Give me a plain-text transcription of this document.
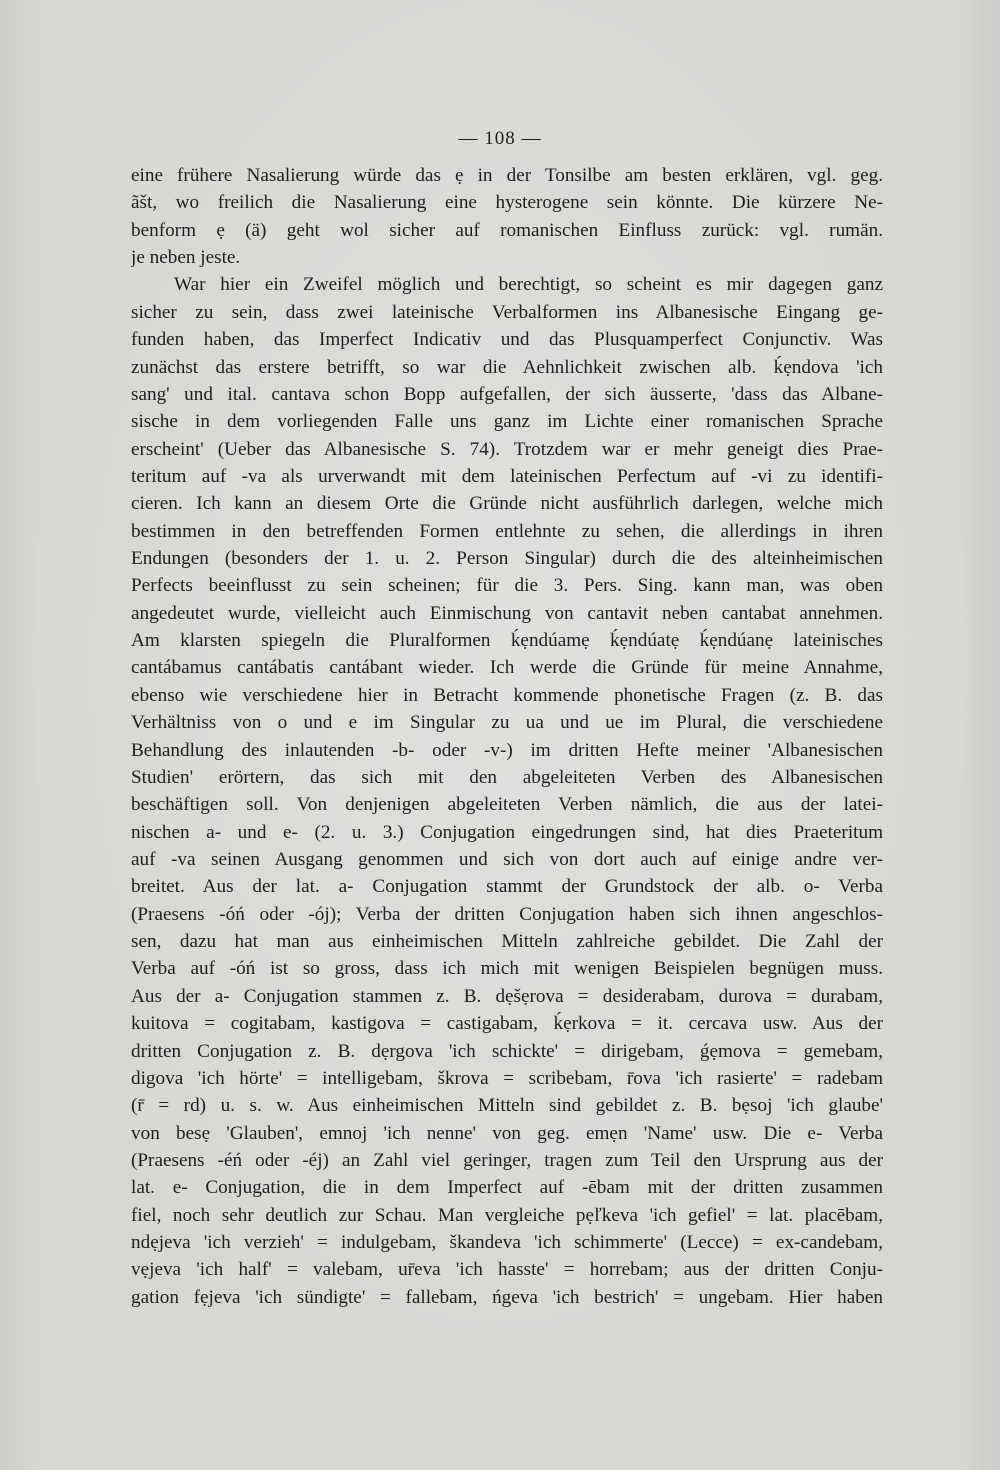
— 108 —
eine frühere Nasalierung würde das ẹ in der Tonsilbe am besten erklären, vgl. geg.
ãšt, wo freilich die Nasalierung eine hysterogene sein könnte. Die kürzere Ne-
benform ẹ (ä) geht wol sicher auf romanischen Einfluss zurück: vgl. rumän.
je neben jeste.
War hier ein Zweifel möglich und berechtigt, so scheint es mir dagegen ganz
sicher zu sein, dass zwei lateinische Verbalformen ins Albanesische Eingang ge-
funden haben, das Imperfect Indicativ und das Plusquamperfect Conjunctiv. Was
zunächst das erstere betrifft, so war die Aehnlichkeit zwischen alb. ḱẹndova 'ich
sang' und ital. cantava schon Bopp aufgefallen, der sich äusserte, 'dass das Albane-
sische in dem vorliegenden Falle uns ganz im Lichte einer romanischen Sprache
erscheint' (Ueber das Albanesische S. 74). Trotzdem war er mehr geneigt dies Prae-
teritum auf -va als urverwandt mit dem lateinischen Perfectum auf -vi zu identifi-
cieren. Ich kann an diesem Orte die Gründe nicht ausführlich darlegen, welche mich
bestimmen in den betreffenden Formen entlehnte zu sehen, die allerdings in ihren
Endungen (besonders der 1. u. 2. Person Singular) durch die des alteinheimischen
Perfects beeinflusst zu sein scheinen; für die 3. Pers. Sing. kann man, was oben
angedeutet wurde, vielleicht auch Einmischung von cantavit neben cantabat annehmen.
Am klarsten spiegeln die Pluralformen ḱẹndúamẹ ḱẹndúatẹ ḱẹndúanẹ lateinisches
cantábamus cantábatis cantábant wieder. Ich werde die Gründe für meine Annahme,
ebenso wie verschiedene hier in Betracht kommende phonetische Fragen (z. B. das
Verhältniss von o und e im Singular zu ua und ue im Plural, die verschiedene
Behandlung des inlautenden -b- oder -v-) im dritten Hefte meiner 'Albanesischen
Studien' erörtern, das sich mit den abgeleiteten Verben des Albanesischen
beschäftigen soll. Von denjenigen abgeleiteten Verben nämlich, die aus der latei-
nischen a- und e- (2. u. 3.) Conjugation eingedrungen sind, hat dies Praeteritum
auf -va seinen Ausgang genommen und sich von dort auch auf einige andre ver-
breitet. Aus der lat. a- Conjugation stammt der Grundstock der alb. o- Verba
(Praesens -óń oder -ój); Verba der dritten Conjugation haben sich ihnen angeschlos-
sen, dazu hat man aus einheimischen Mitteln zahlreiche gebildet. Die Zahl der
Verba auf -óń ist so gross, dass ich mich mit wenigen Beispielen begnügen muss.
Aus der a- Conjugation stammen z. B. dẹšẹrova = desiderabam, durova = durabam,
kuitova = cogitabam, kastigova = castigabam, ḱẹrkova = it. cercava usw. Aus der
dritten Conjugation z. B. dẹrgova 'ich schickte' = dirigebam, ǵẹmova = gemebam,
digova 'ich hörte' = intelligebam, škrova = scribebam, r̄ova 'ich rasierte' = radebam
(r̄ = rd) u. s. w. Aus einheimischen Mitteln sind gebildet z. B. bẹsoj 'ich glaube'
von besẹ 'Glauben', emnoj 'ich nenne' von geg. emẹn 'Name' usw. Die e- Verba
(Praesens -éń oder -éj) an Zahl viel geringer, tragen zum Teil den Ursprung aus der
lat. e- Conjugation, die in dem Imperfect auf -ēbam mit der dritten zusammen
fiel, noch sehr deutlich zur Schau. Man vergleiche pẹľkeva 'ich gefiel' = lat. placēbam,
ndẹjeva 'ich verzieh' = indulgebam, škandeva 'ich schimmerte' (Lecce) = ex-candebam,
vẹjeva 'ich half' = valebam, ur̄eva 'ich hasste' = horrebam; aus der dritten Conju-
gation fẹjeva 'ich sündigte' = fallebam, ńgeva 'ich bestrich' = ungebam. Hier haben
